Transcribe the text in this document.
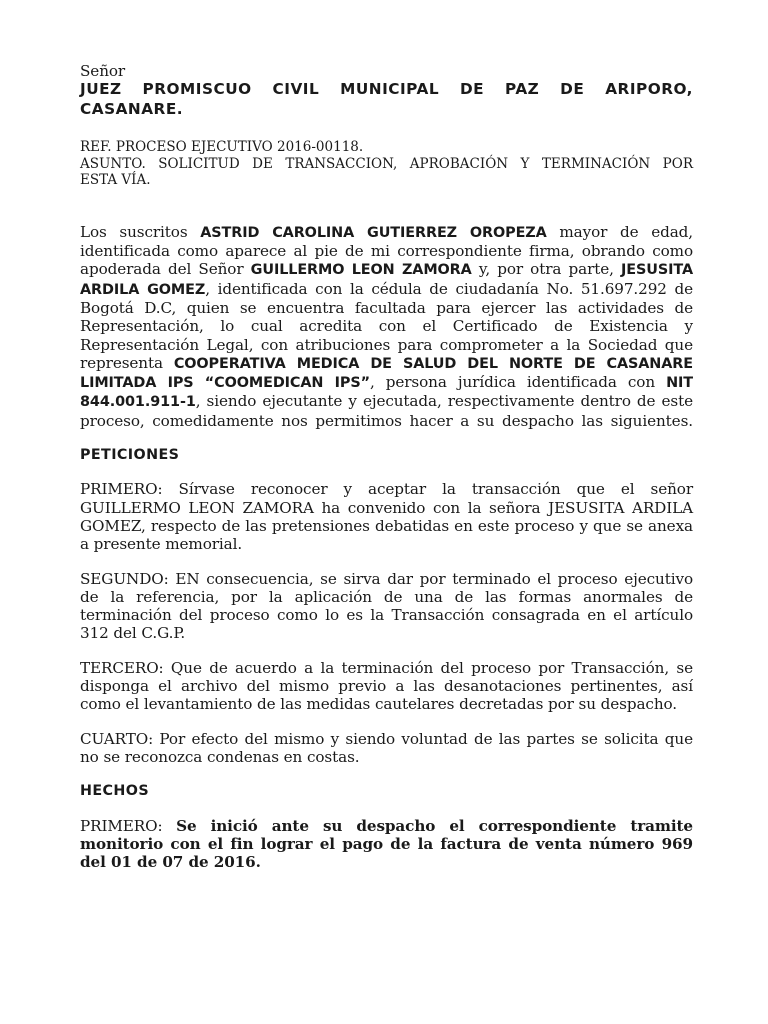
Señor

JUEZ PROMISCUO CIVIL MUNICIPAL DE PAZ DE ARIPORO,

CASANARE.

REF. PROCESO EJECUTIVO 2016-00118.

ASUNTO. SOLICITUD DE TRANSACCION, APROBACIÓN Y TERMINACIÓN POR

ESTA VÍA.

Los suscritos ASTRID CAROLINA GUTIERREZ OROPEZA mayor de edad, identificada como aparece al pie de mi correspondiente firma, obrando como apoderada del Señor GUILLERMO LEON ZAMORA y, por otra parte, JESUSITA ARDILA GOMEZ, identificada con la cédula de ciudadanía No. 51.697.292 de Bogotá D.C, quien se encuentra facultada para ejercer las actividades de Representación, lo cual acredita con el Certificado de Existencia y Representación Legal, con atribuciones para comprometer a la Sociedad que representa COOPERATIVA MEDICA DE SALUD DEL NORTE DE CASANARE LIMITADA IPS “COOMEDICAN IPS”, persona jurídica identificada con NIT 844.001.911-1, siendo ejecutante y ejecutada, respectivamente dentro de este proceso, comedidamente nos permitimos hacer a su despacho las siguientes.

PETICIONES

PRIMERO: Sírvase reconocer y aceptar la transacción que el señor GUILLERMO LEON ZAMORA ha convenido con la señora JESUSITA ARDILA GOMEZ, respecto de las pretensiones debatidas en este proceso y que se anexa a presente memorial.

SEGUNDO: EN consecuencia, se sirva dar por terminado el proceso ejecutivo de la referencia, por la aplicación de una de las formas anormales de terminación del proceso como lo es la Transacción consagrada en el artículo 312 del C.G.P.

TERCERO: Que de acuerdo a la terminación del proceso por Transacción, se disponga el archivo del mismo previo a las desanotaciones pertinentes, así como el levantamiento de las medidas cautelares decretadas por su despacho.

CUARTO: Por efecto del mismo y siendo voluntad de las partes se solicita que no se reconozca condenas en costas.

HECHOS

PRIMERO: Se inició ante su despacho el correspondiente tramite monitorio con el fin lograr el pago de la factura de venta número 969 del 01 de 07 de 2016.
